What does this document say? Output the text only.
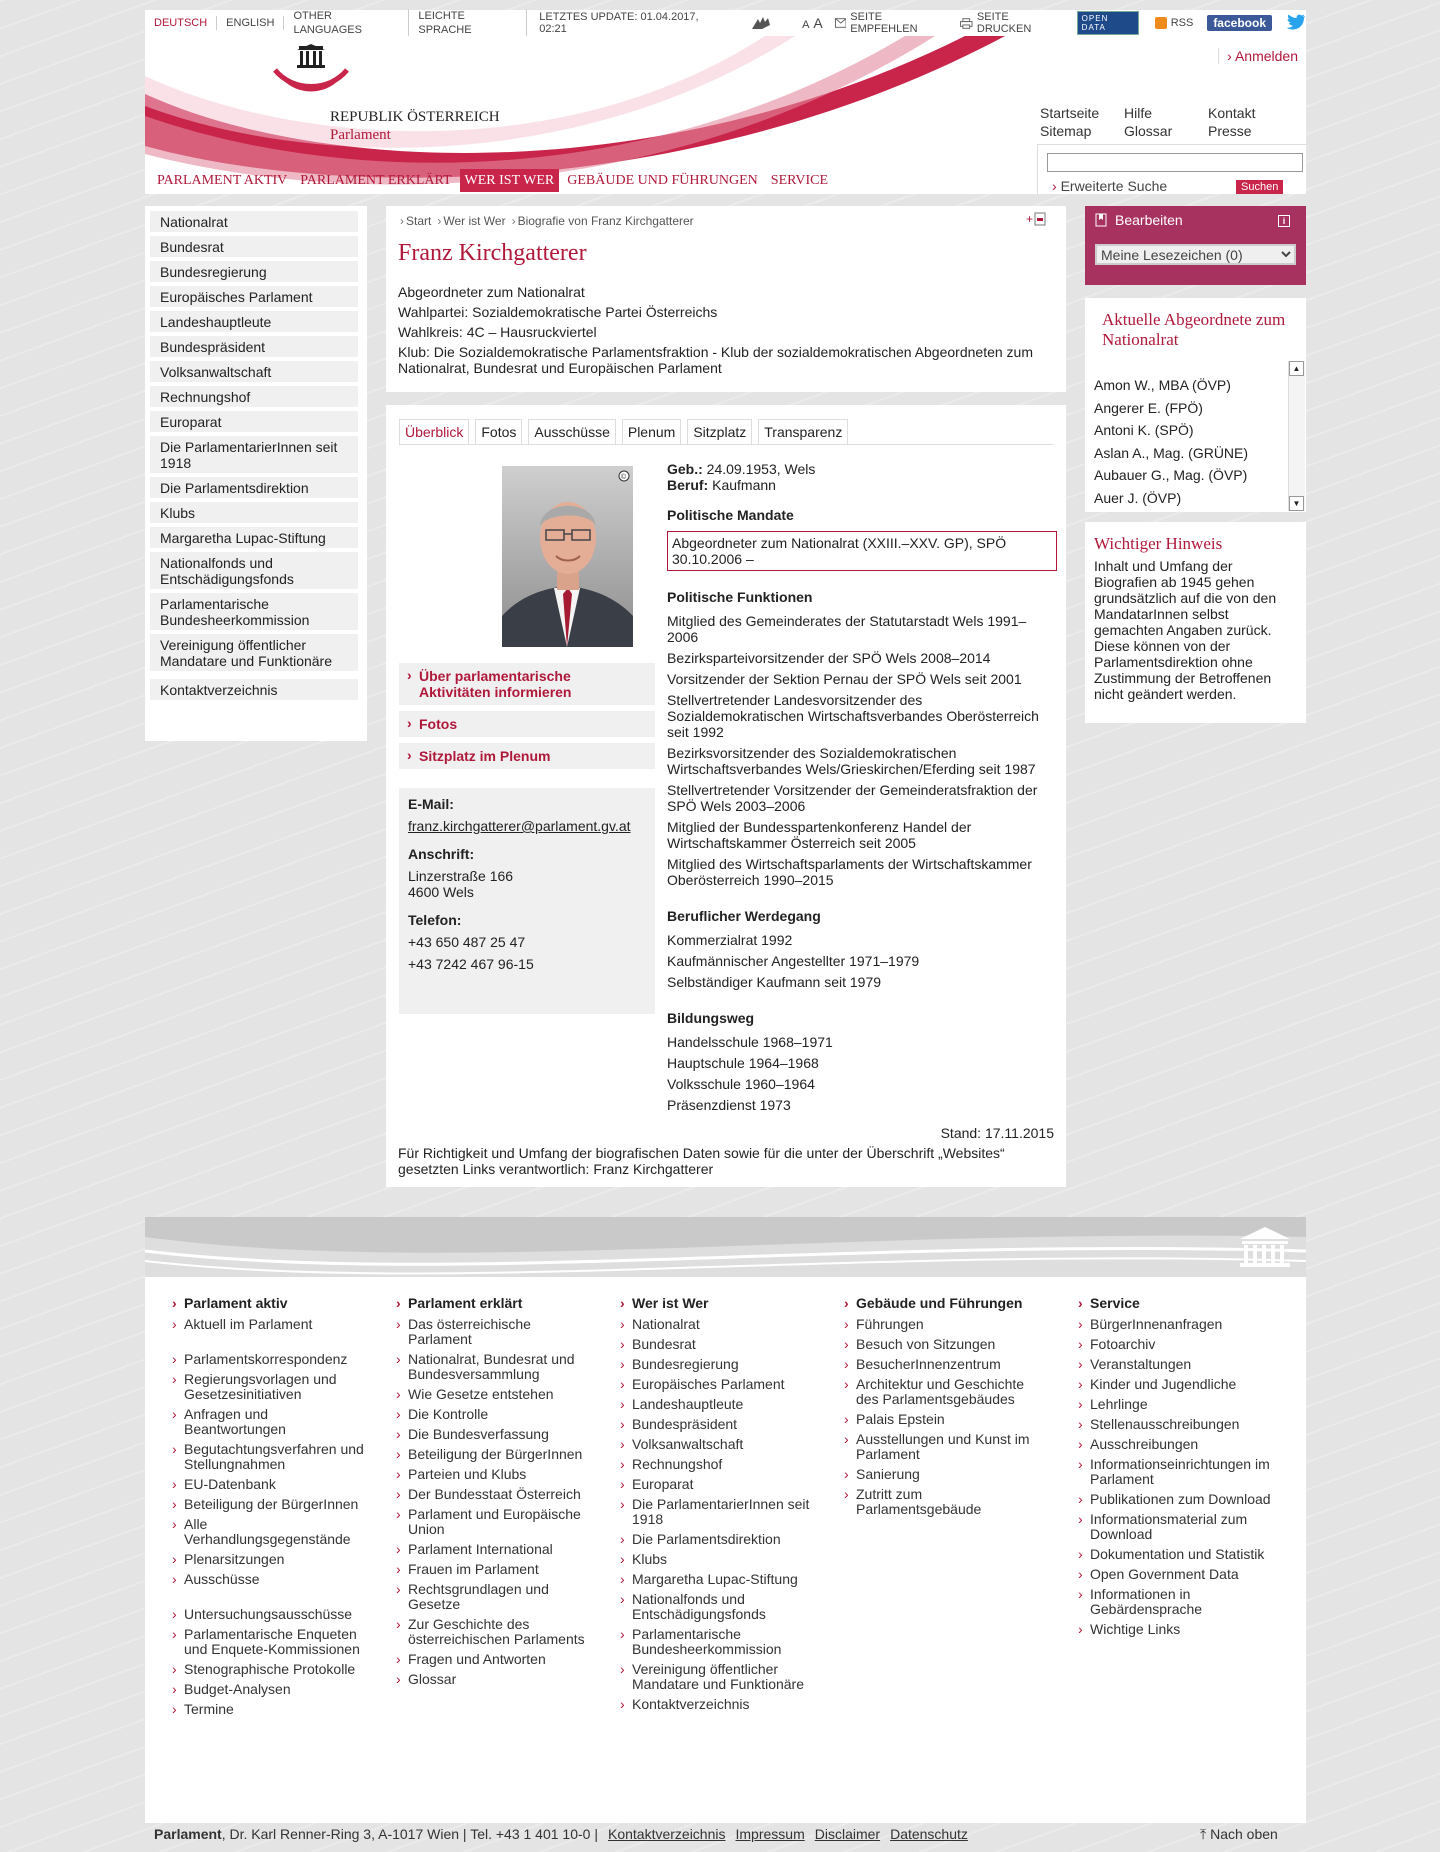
DEUTSCH	ENGLISH
OTHER LANGUAGES
LEICHTE SPRACHE
LETZTES UPDATE: 01.04.2017, 02:21	A A	SEITE EMPFEHLEN
SEITE DRUCKEN
OPEN DATA	RSS	facebook
REPUBLIK ÖSTERREICH
Parlament
› Anmelden
Startseite	Hilfe	Kontakt
Sitemap	Glossar	Presse
› Erweiterte Suche	Suchen
PARLAMENT AKTIV PARLAMENT ERKLÄRT WER IST WER GEBÄUDE UND FÜHRUNGEN SERVICE
Nationalrat
Bundesrat
Bundesregierung
Europäisches Parlament
Landeshauptleute
Bundespräsident
Volksanwaltschaft
Rechnungshof
Europarat
Die ParlamentarierInnen seit 1918
Die Parlamentsdirektion
Klubs
Margaretha Lupac-Stiftung
Nationalfonds und Entschädigungsfonds
Parlamentarische Bundesheerkommission
Vereinigung öffentlicher Mandatare und Funktionäre
Kontaktverzeichnis
› Start	› Wer ist Wer	› Biografie von Franz Kirchgatterer	+
Franz Kirchgatterer
Abgeordneter zum Nationalrat
Wahlpartei: Sozialdemokratische Partei Österreichs
Wahlkreis: 4C – Hausruckviertel
Klub: Die Sozialdemokratische Parlamentsfraktion - Klub der sozialdemokratischen Abgeordneten zum Nationalrat, Bundesrat und Europäischen Parlament
Überblick	Fotos	Ausschüsse	Plenum	Sitzplatz	Transparenz
©
› Über parlamentarische Aktivitäten informieren
› Fotos
› Sitzplatz im Plenum
E-Mail:
franz.kirchgatterer@parlament.gv.at
Anschrift:
Linzerstraße 166
4600 Wels
Telefon:
+43 650 487 25 47
+43 7242 467 96-15
Geb.: 24.09.1953, Wels
Beruf: Kaufmann
Politische Mandate
Abgeordneter zum Nationalrat (XXIII.–XXV. GP), SPÖ 30.10.2006 –
Politische Funktionen
Mitglied des Gemeinderates der Statutarstadt Wels 1991–2006
Bezirksparteivorsitzender der SPÖ Wels 2008–2014
Vorsitzender der Sektion Pernau der SPÖ Wels seit 2001
Stellvertretender Landesvorsitzender des Sozialdemokratischen Wirtschaftsverbandes Oberösterreich seit 1992
Bezirksvorsitzender des Sozialdemokratischen Wirtschaftsverbandes Wels/Grieskirchen/Eferding seit 1987
Stellvertretender Vorsitzender der Gemeinderatsfraktion der SPÖ Wels 2003–2006
Mitglied der Bundesspartenkonferenz Handel der Wirtschaftskammer Österreich seit 2005
Mitglied des Wirtschaftsparlaments der Wirtschaftskammer Oberösterreich 1990–2015
Beruflicher Werdegang
Kommerzialrat 1992
Kaufmännischer Angestellter 1971–1979
Selbständiger Kaufmann seit 1979
Bildungsweg
Handelsschule 1968–1971
Hauptschule 1964–1968
Volksschule 1960–1964
Präsenzdienst 1973
Stand: 17.11.2015
Für Richtigkeit und Umfang der biografischen Daten sowie für die unter der Überschrift „Websites“ gesetzten Links verantwortlich: Franz Kirchgatterer
Bearbeiten	i
Meine Lesezeichen (0)
Aktuelle Abgeordnete zum Nationalrat
Amon W., MBA (ÖVP)
Angerer E. (FPÖ)
Antoni K. (SPÖ)
Aslan A., Mag. (GRÜNE)
Aubauer G., Mag. (ÖVP)
Auer J. (ÖVP)
▲
▼
Wichtiger Hinweis
Inhalt und Umfang der Biografien ab 1945 gehen grundsätzlich auf die von den MandatarInnen selbst gemachten Angaben zurück. Diese können von der Parlamentsdirektion ohne Zustimmung der Betroffenen nicht geändert werden.
› Parlament aktiv
› Aktuell im Parlament
› Parlamentskorrespondenz
› Regierungsvorlagen und Gesetzesinitiativen
› Anfragen und Beantwortungen
› Begutachtungsverfahren und Stellungnahmen
› EU-Datenbank
› Beteiligung der BürgerInnen
› Alle Verhandlungsgegenstände
› Plenarsitzungen
› Ausschüsse
› Untersuchungsausschüsse
› Parlamentarische Enqueten und Enquete-Kommissionen
› Stenographische Protokolle
› Budget-Analysen
› Termine
› Parlament erklärt
› Das österreichische Parlament
› Nationalrat, Bundesrat und Bundesversammlung
› Wie Gesetze entstehen
› Die Kontrolle
› Die Bundesverfassung
› Beteiligung der BürgerInnen
› Parteien und Klubs
› Der Bundesstaat Österreich
› Parlament und Europäische Union
› Parlament International
› Frauen im Parlament
› Rechtsgrundlagen und Gesetze
› Zur Geschichte des österreichischen Parlaments
› Fragen und Antworten
› Glossar
› Wer ist Wer
› Nationalrat
› Bundesrat
› Bundesregierung
› Europäisches Parlament
› Landeshauptleute
› Bundespräsident
› Volksanwaltschaft
› Rechnungshof
› Europarat
› Die ParlamentarierInnen seit 1918
› Die Parlamentsdirektion
› Klubs
› Margaretha Lupac-Stiftung
› Nationalfonds und Entschädigungsfonds
› Parlamentarische Bundesheerkommission
› Vereinigung öffentlicher Mandatare und Funktionäre
› Kontaktverzeichnis
› Gebäude und Führungen
› Führungen
› Besuch von Sitzungen
› BesucherInnenzentrum
› Architektur und Geschichte des Parlamentsgebäudes
› Palais Epstein
› Ausstellungen und Kunst im Parlament
› Sanierung
› Zutritt zum Parlamentsgebäude
› Service
› BürgerInnenanfragen
› Fotoarchiv
› Veranstaltungen
› Kinder und Jugendliche
› Lehrlinge
› Stellenausschreibungen
› Ausschreibungen
› Informationseinrichtungen im Parlament
› Publikationen zum Download
› Informationsmaterial zum Download
› Dokumentation und Statistik
› Open Government Data
› Informationen in Gebärdensprache
› Wichtige Links
Parlament, Dr. Karl Renner-Ring 3, A-1017 Wien | Tel. +43 1 401 10-0 | Kontaktverzeichnis Impressum Disclaimer Datenschutz	⤒ Nach oben
